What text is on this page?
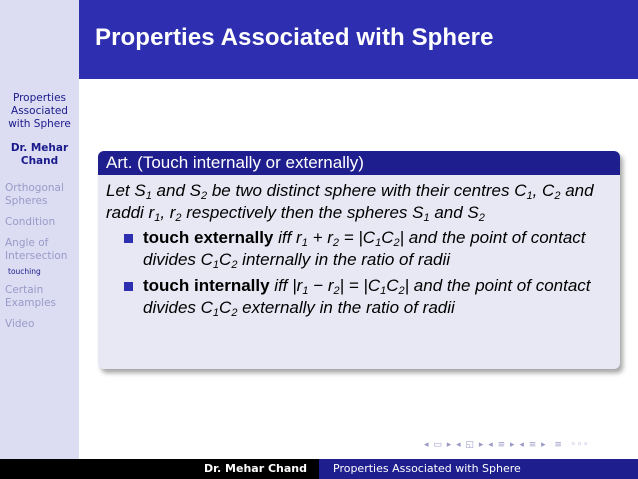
Properties Associated with Sphere
Dr. Mehar Chand
Orthogonal Spheres
Condition
Angle of Intersection
touching
Certain Examples
Video
Properties Associated with Sphere
Art. (Touch internally or externally)
Let $S_1$ and $S_2$ be two distinct sphere with their centres $C_1$, $C_2$ and raddi $r_1$, $r_2$ respectively then the spheres $S_1$ and $S_2$
touch externally iff $r_1 + r_2 = |C_1C_2|$ and the point of contact divides $C_1C_2$ internally in the ratio of radii
touch internally iff $|r_1 - r_2| = |C_1C_2|$ and the point of contact divides $C_1C_2$ externally in the ratio of radii
◂ ▭ ▸ ◂ ◱ ▸ ◂ ≡ ▸ ◂ ≡ ▸  ≡  ◦◦◦
Dr. Mehar Chand	Properties Associated with Sphere
